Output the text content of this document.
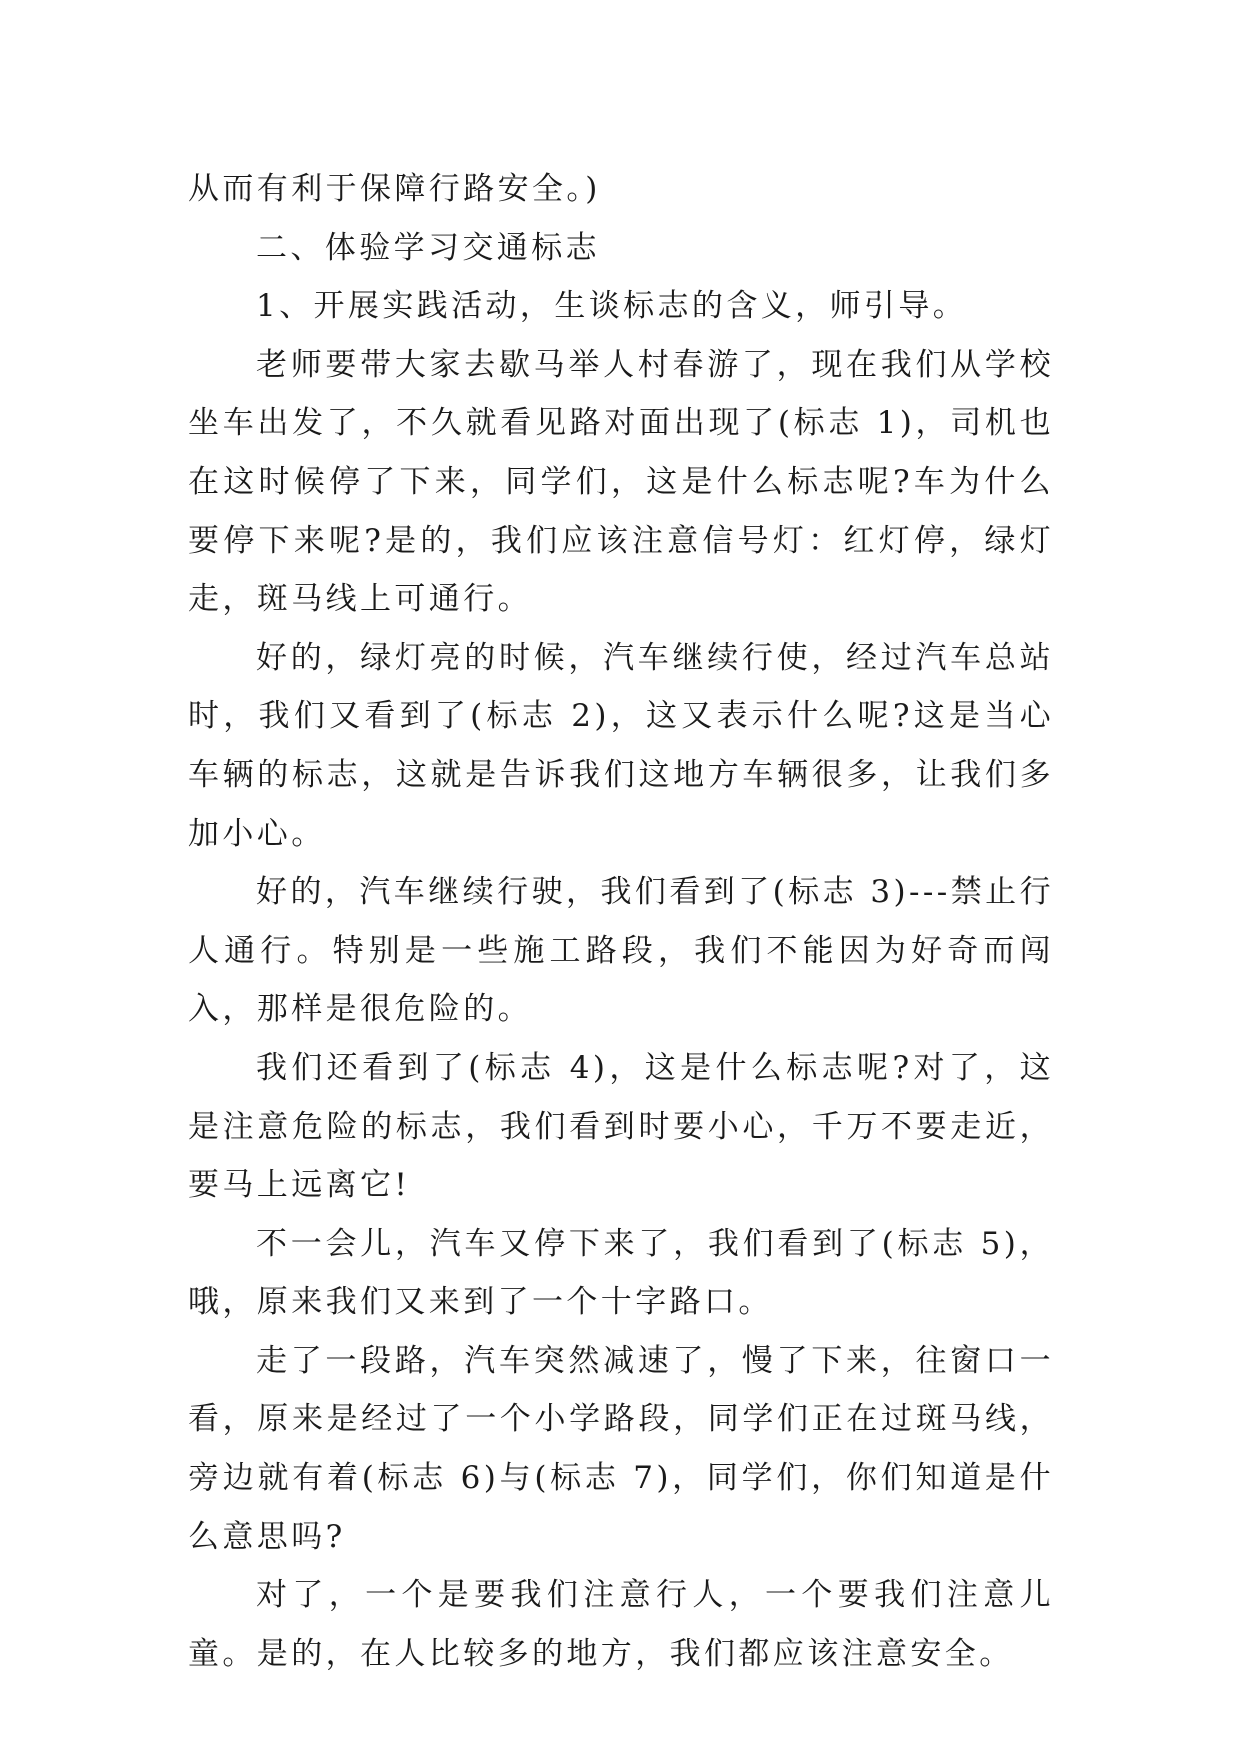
从而有利于保障行路安全。)

二、体验学习交通标志

1、开展实践活动，生谈标志的含义，师引导。

老师要带大家去歇马举人村春游了，现在我们从学校坐车出发了，不久就看见路对面出现了(标志 1)，司机也在这时候停了下来，同学们，这是什么标志呢?车为什么要停下来呢?是的，我们应该注意信号灯：红灯停，绿灯走，斑马线上可通行。

好的，绿灯亮的时候，汽车继续行使，经过汽车总站时，我们又看到了(标志 2)，这又表示什么呢?这是当心车辆的标志，这就是告诉我们这地方车辆很多，让我们多加小心。

好的，汽车继续行驶，我们看到了(标志 3)---禁止行人通行。特别是一些施工路段，我们不能因为好奇而闯入，那样是很危险的。

我们还看到了(标志 4)，这是什么标志呢?对了，这是注意危险的标志，我们看到时要小心，千万不要走近，要马上远离它!

不一会儿，汽车又停下来了，我们看到了(标志 5)，哦，原来我们又来到了一个十字路口。

走了一段路，汽车突然减速了，慢了下来，往窗口一看，原来是经过了一个小学路段，同学们正在过斑马线，旁边就有着(标志 6)与(标志 7)，同学们，你们知道是什么意思吗?

对了，一个是要我们注意行人，一个要我们注意儿童。是的，在人比较多的地方，我们都应该注意安全。
